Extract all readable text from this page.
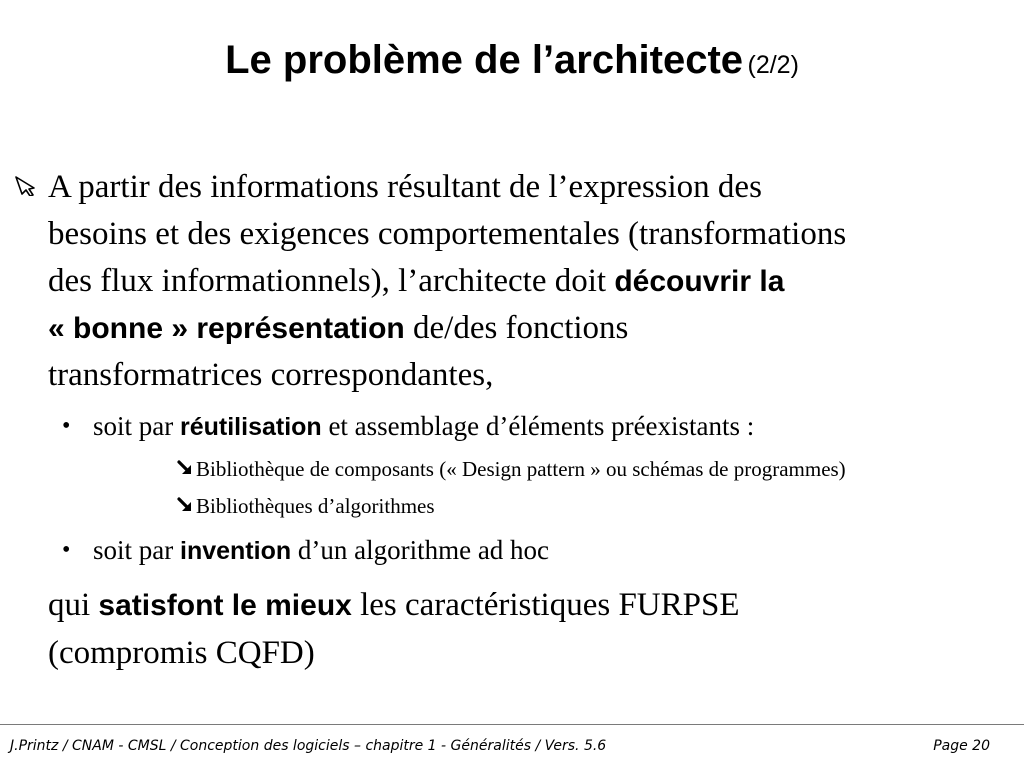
Le problème de l’architecte (2/2)
A partir des informations résultant de l’expression des
besoins et des exigences comportementales (transformations
des flux informationnels), l’architecte doit découvrir la
« bonne » représentation de/des fonctions
transformatrices correspondantes,
• soit par réutilisation et assemblage d’éléments préexistants :
Bibliothèque de composants (« Design pattern » ou schémas de programmes)
Bibliothèques d’algorithmes
• soit par invention d’un algorithme ad hoc
qui satisfont le mieux les caractéristiques FURPSE
(compromis CQFD)
J.Printz / CNAM - CMSL / Conception des logiciels – chapitre 1 - Généralités / Vers. 5.6	Page 20
